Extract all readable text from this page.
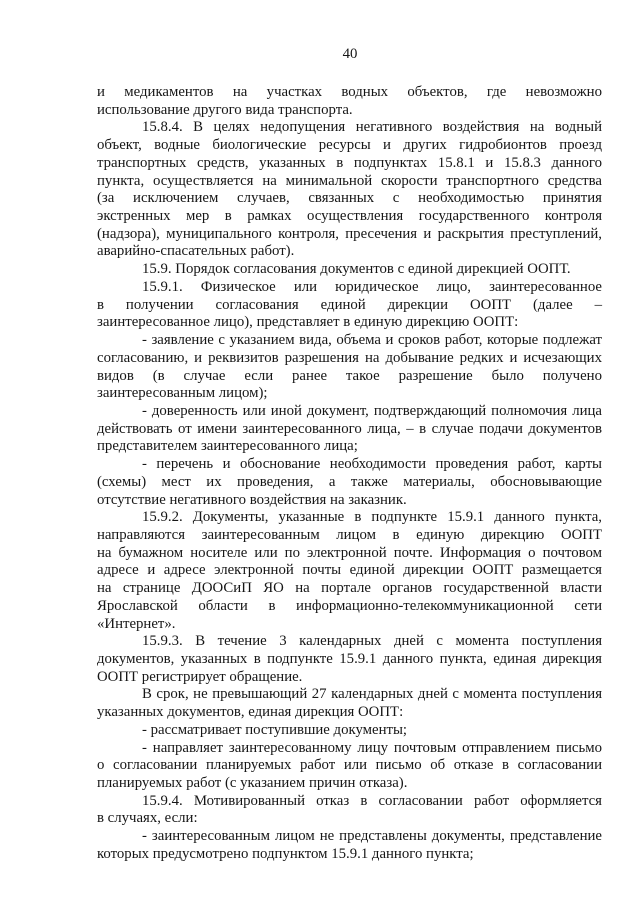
40
и медикаментов на участках водных объектов, где невозможно
использование другого вида транспорта.
15.8.4. В целях недопущения негативного воздействия на водный
объект, водные биологические ресурсы и других гидробионтов проезд
транспортных средств, указанных в подпунктах 15.8.1 и 15.8.3 данного
пункта, осуществляется на минимальной скорости транспортного средства
(за исключением случаев, связанных с необходимостью принятия
экстренных мер в рамках осуществления государственного контроля
(надзора), муниципального контроля, пресечения и раскрытия преступлений,
аварийно-спасательных работ).
15.9. Порядок согласования документов с единой дирекцией ООПТ.
15.9.1. Физическое или юридическое лицо, заинтересованное
в получении согласования единой дирекции ООПТ (далее –
заинтересованное лицо), представляет в единую дирекцию ООПТ:
- заявление с указанием вида, объема и сроков работ, которые подлежат
согласованию, и реквизитов разрешения на добывание редких и исчезающих
видов (в случае если ранее такое разрешение было получено
заинтересованным лицом);
- доверенность или иной документ, подтверждающий полномочия лица
действовать от имени заинтересованного лица, – в случае подачи документов
представителем заинтересованного лица;
- перечень и обоснование необходимости проведения работ, карты
(схемы) мест их проведения, а также материалы, обосновывающие
отсутствие негативного воздействия на заказник.
15.9.2. Документы, указанные в подпункте 15.9.1 данного пункта,
направляются заинтересованным лицом в единую дирекцию ООПТ
на бумажном носителе или по электронной почте. Информация о почтовом
адресе и адресе электронной почты единой дирекции ООПТ размещается
на странице ДООСиП ЯО на портале органов государственной власти
Ярославской области в информационно-телекоммуникационной сети
«Интернет».
15.9.3. В течение 3 календарных дней с момента поступления
документов, указанных в подпункте 15.9.1 данного пункта, единая дирекция
ООПТ регистрирует обращение.
В срок, не превышающий 27 календарных дней с момента поступления
указанных документов, единая дирекция ООПТ:
- рассматривает поступившие документы;
- направляет заинтересованному лицу почтовым отправлением письмо
о согласовании планируемых работ или письмо об отказе в согласовании
планируемых работ (с указанием причин отказа).
15.9.4. Мотивированный отказ в согласовании работ оформляется
в случаях, если:
- заинтересованным лицом не представлены документы, представление
которых предусмотрено подпунктом 15.9.1 данного пункта;
